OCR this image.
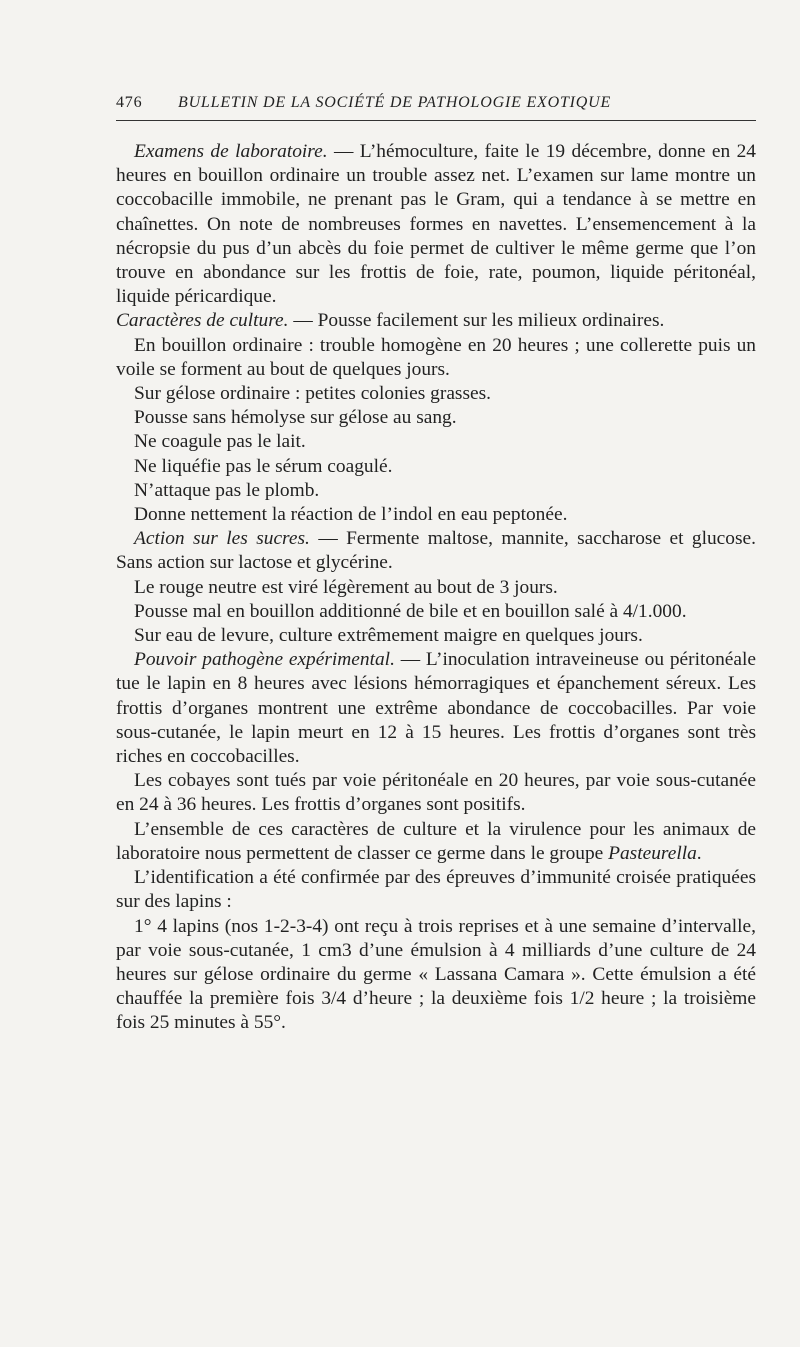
476 BULLETIN DE LA SOCIÉTÉ DE PATHOLOGIE EXOTIQUE

Examens de laboratoire. — L’hémoculture, faite le 19 décembre, donne en 24 heures en bouillon ordinaire un trouble assez net. L’examen sur lame montre un coccobacille immobile, ne prenant pas le Gram, qui a tendance à se mettre en chaînettes. On note de nombreuses formes en navettes. L’ensemencement à la nécropsie du pus d’un abcès du foie permet de cultiver le même germe que l’on trouve en abondance sur les frottis de foie, rate, poumon, liquide péritonéal, liquide péricardique.

Caractères de culture. — Pousse facilement sur les milieux ordinaires.

En bouillon ordinaire : trouble homogène en 20 heures ; une collerette puis un voile se forment au bout de quelques jours.

Sur gélose ordinaire : petites colonies grasses.

Pousse sans hémolyse sur gélose au sang.

Ne coagule pas le lait.

Ne liquéfie pas le sérum coagulé.

N’attaque pas le plomb.

Donne nettement la réaction de l’indol en eau peptonée.

Action sur les sucres. — Fermente maltose, mannite, saccharose et glucose. Sans action sur lactose et glycérine.

Le rouge neutre est viré légèrement au bout de 3 jours.

Pousse mal en bouillon additionné de bile et en bouillon salé à 4/1.000.

Sur eau de levure, culture extrêmement maigre en quelques jours.

Pouvoir pathogène expérimental. — L’inoculation intraveineuse ou péritonéale tue le lapin en 8 heures avec lésions hémorragiques et épanchement séreux. Les frottis d’organes montrent une extrême abondance de coccobacilles. Par voie sous-cutanée, le lapin meurt en 12 à 15 heures. Les frottis d’organes sont très riches en coccobacilles.

Les cobayes sont tués par voie péritonéale en 20 heures, par voie sous-cutanée en 24 à 36 heures. Les frottis d’organes sont positifs.

L’ensemble de ces caractères de culture et la virulence pour les animaux de laboratoire nous permettent de classer ce germe dans le groupe Pasteurella.

L’identification a été confirmée par des épreuves d’immunité croisée pratiquées sur des lapins :

1° 4 lapins (nos 1-2-3-4) ont reçu à trois reprises et à une semaine d’intervalle, par voie sous-cutanée, 1 cm3 d’une émulsion à 4 milliards d’une culture de 24 heures sur gélose ordinaire du germe « Lassana Camara ». Cette émulsion a été chauffée la première fois 3/4 d’heure ; la deuxième fois 1/2 heure ; la troisième fois 25 minutes à 55°.
